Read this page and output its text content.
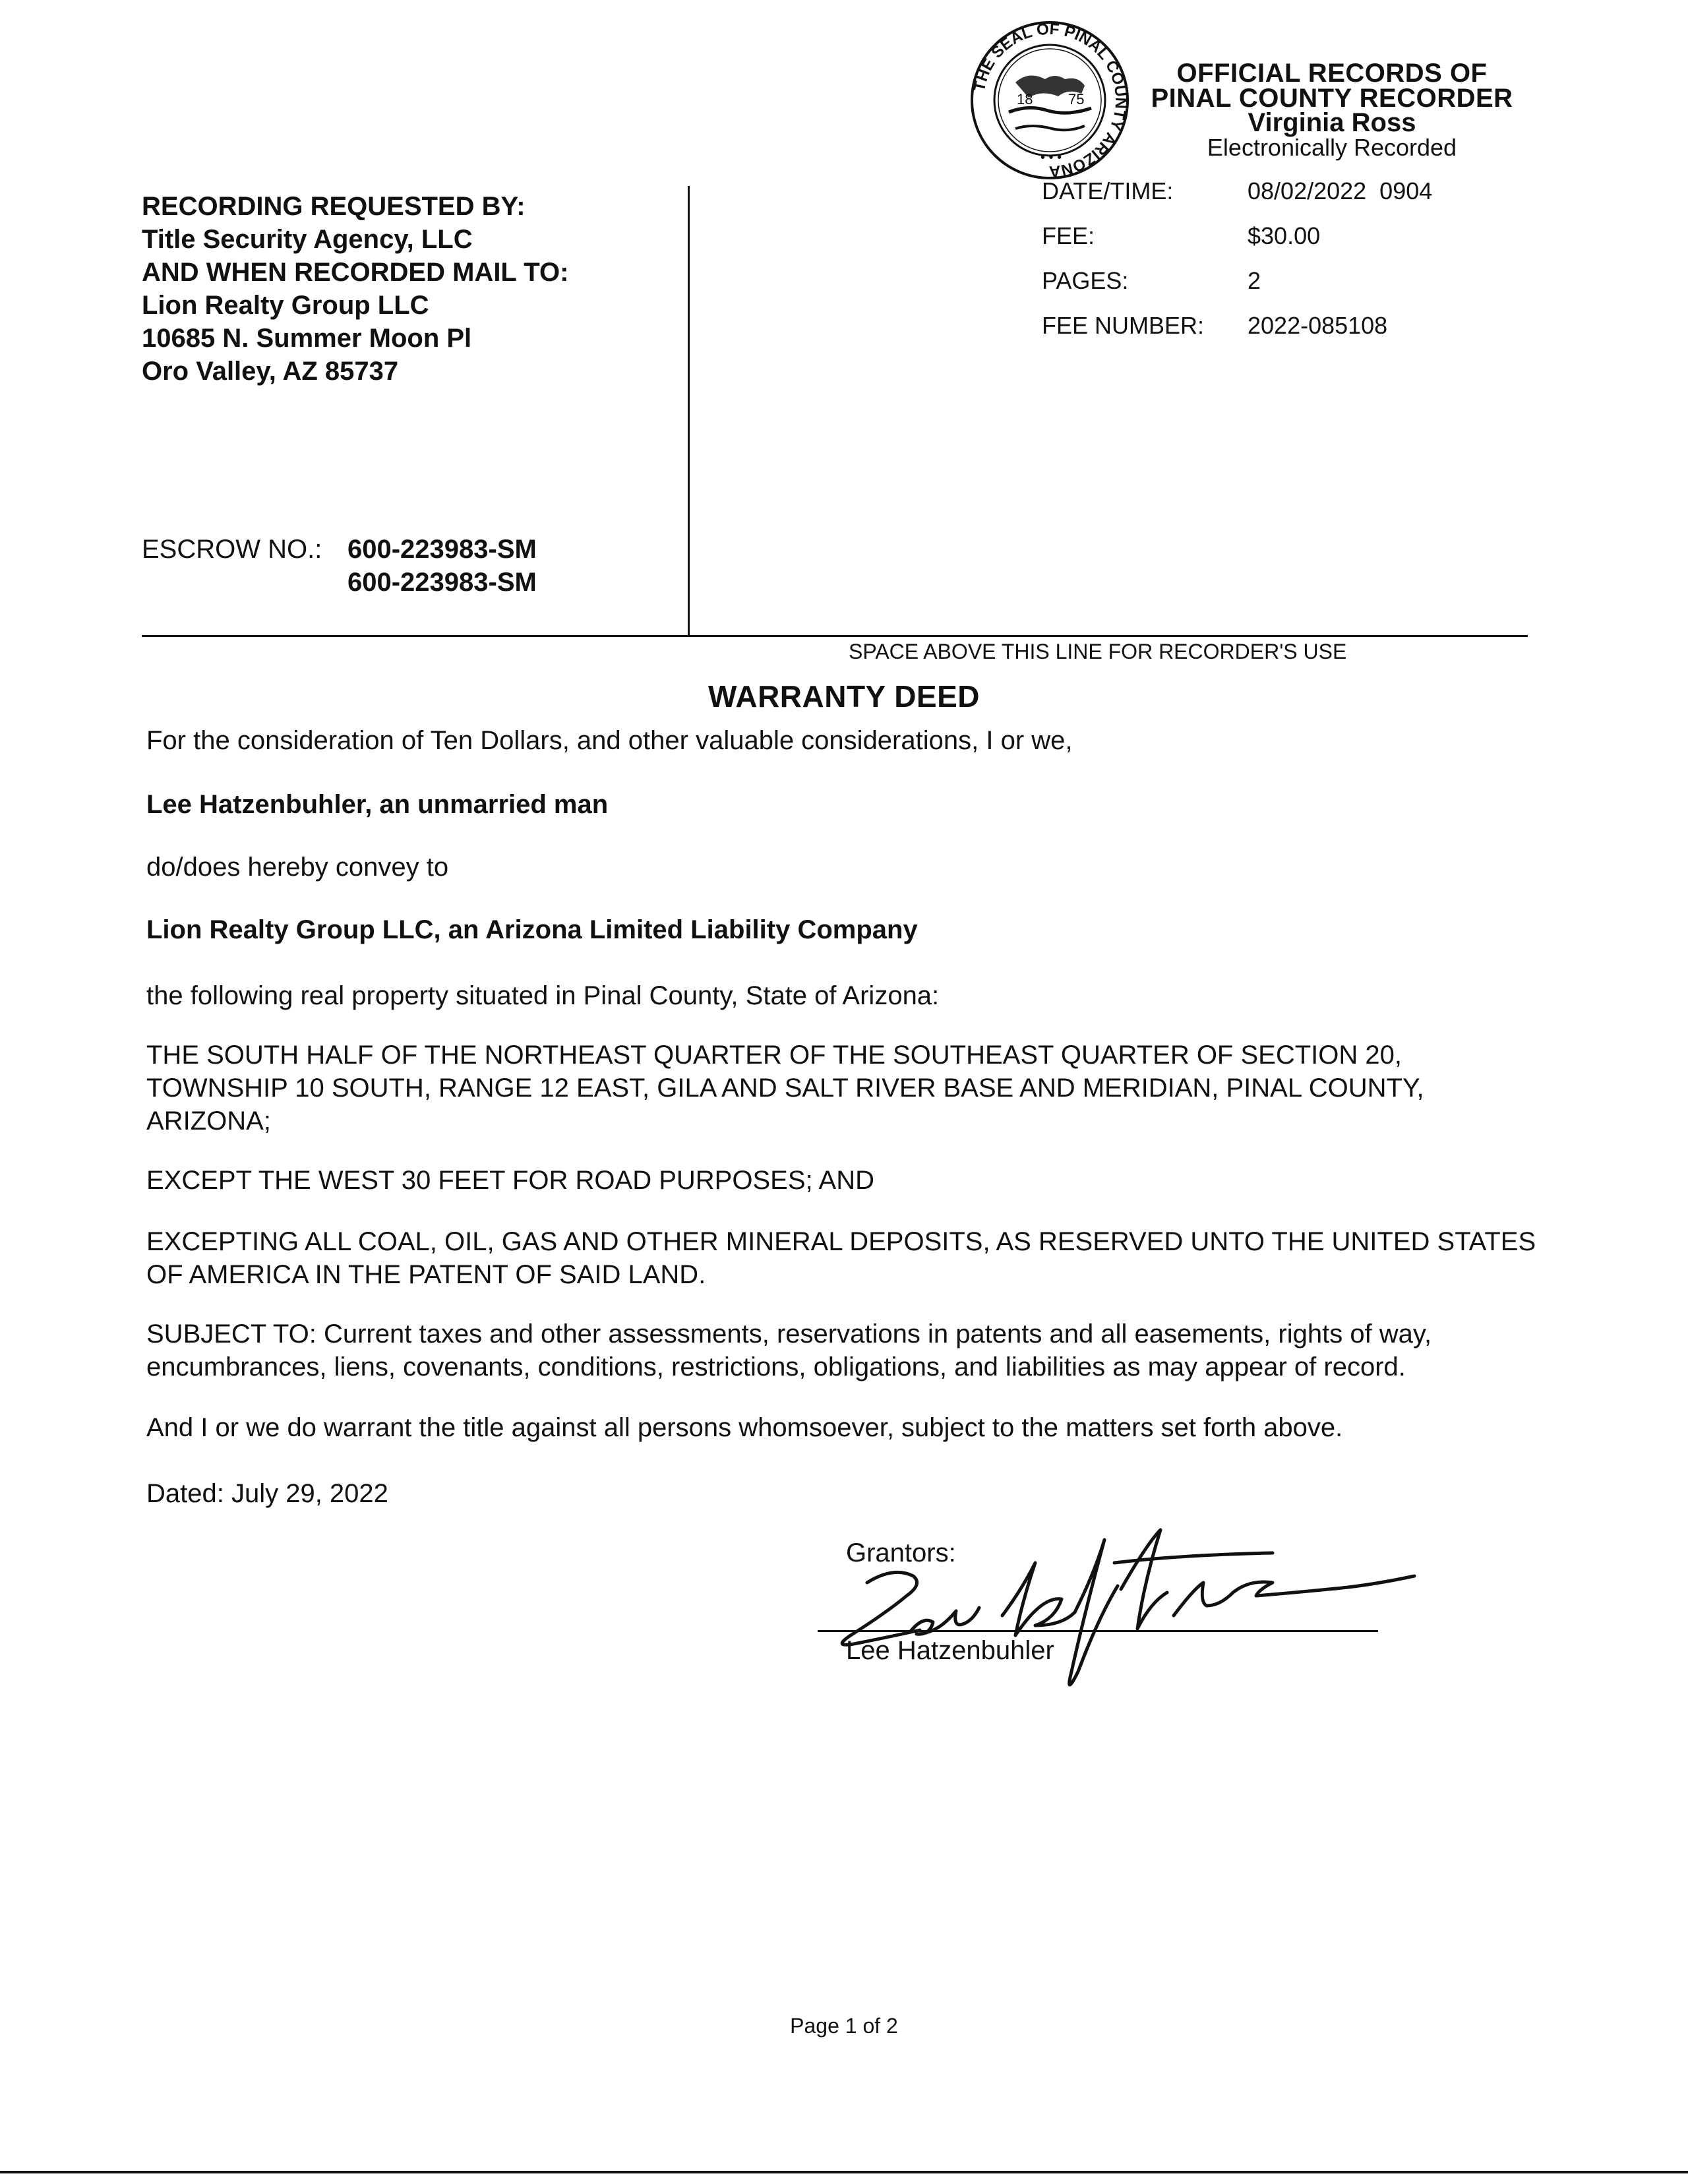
THE SEAL OF PINAL COUNTY ARIZONA
18 75
• • •
OFFICIAL RECORDS OF
PINAL COUNTY RECORDER
Virginia Ross
Electronically Recorded
DATE/TIME:	08/02/2022  0904
FEE:	$30.00
PAGES:	2
FEE NUMBER: 2022-085108
RECORDING REQUESTED BY:
Title Security Agency, LLC
AND WHEN RECORDED MAIL TO:
Lion Realty Group LLC
10685 N. Summer Moon Pl
Oro Valley, AZ 85737
ESCROW NO.: 600-223983-SM
600-223983-SM
SPACE ABOVE THIS LINE FOR RECORDER'S USE
WARRANTY DEED
For the consideration of Ten Dollars, and other valuable considerations, I or we,
Lee Hatzenbuhler, an unmarried man
do/does hereby convey to
Lion Realty Group LLC, an Arizona Limited Liability Company
the following real property situated in Pinal County, State of Arizona:
THE SOUTH HALF OF THE NORTHEAST QUARTER OF THE SOUTHEAST QUARTER OF SECTION 20, TOWNSHIP 10 SOUTH, RANGE 12 EAST, GILA AND SALT RIVER BASE AND MERIDIAN, PINAL COUNTY, ARIZONA;
EXCEPT THE WEST 30 FEET FOR ROAD PURPOSES; AND
EXCEPTING ALL COAL, OIL, GAS AND OTHER MINERAL DEPOSITS, AS RESERVED UNTO THE UNITED STATES OF AMERICA IN THE PATENT OF SAID LAND.
SUBJECT TO: Current taxes and other assessments, reservations in patents and all easements, rights of way, encumbrances, liens, covenants, conditions, restrictions, obligations, and liabilities as may appear of record.
And I or we do warrant the title against all persons whomsoever, subject to the matters set forth above.
Dated: July 29, 2022
Grantors:
Lee Hatzenbuhler
Page 1 of 2
